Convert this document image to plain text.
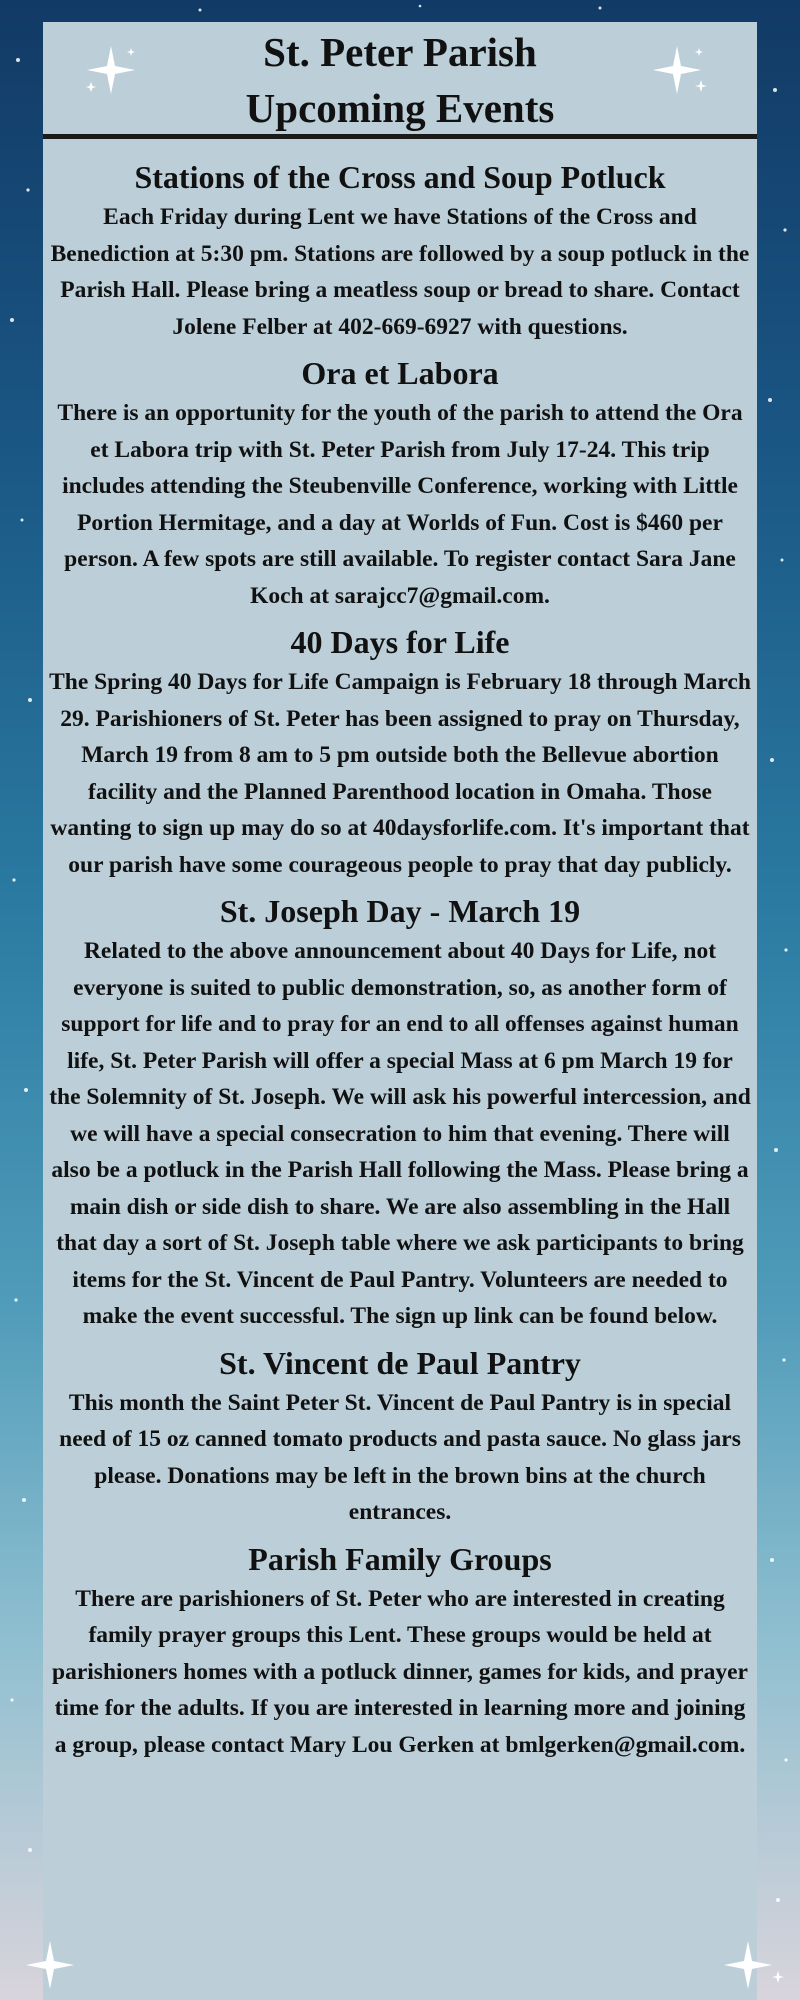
St. Peter Parish
Upcoming Events
Stations of the Cross and Soup Potluck

Each Friday during Lent we have Stations of the Cross and Benediction at 5:30 pm. Stations are followed by a soup potluck in the Parish Hall. Please bring a meatless soup or bread to share. Contact Jolene Felber at 402-669-6927 with questions.

Ora et Labora

There is an opportunity for the youth of the parish to attend the Ora et Labora trip with St. Peter Parish from July 17-24. This trip includes attending the Steubenville Conference, working with Little Portion Hermitage, and a day at Worlds of Fun. Cost is $460 per person. A few spots are still available. To register contact Sara Jane Koch at sarajcc7@gmail.com.

40 Days for Life

The Spring 40 Days for Life Campaign is February 18 through March 29. Parishioners of St. Peter has been assigned to pray on Thursday, March 19 from 8 am to 5 pm outside both the Bellevue abortion facility and the Planned Parenthood location in Omaha. Those wanting to sign up may do so at 40daysforlife.com. It's important that our parish have some courageous people to pray that day publicly.

St. Joseph Day - March 19

Related to the above announcement about 40 Days for Life, not everyone is suited to public demonstration, so, as another form of support for life and to pray for an end to all offenses against human life, St. Peter Parish will offer a special Mass at 6 pm March 19 for the Solemnity of St. Joseph. We will ask his powerful intercession, and we will have a special consecration to him that evening. There will also be a potluck in the Parish Hall following the Mass. Please bring a main dish or side dish to share. We are also assembling in the Hall that day a sort of St. Joseph table where we ask participants to bring items for the St. Vincent de Paul Pantry. Volunteers are needed to make the event successful. The sign up link can be found below.

St. Vincent de Paul Pantry

This month the Saint Peter St. Vincent de Paul Pantry is in special need of 15 oz canned tomato products and pasta sauce. No glass jars please. Donations may be left in the brown bins at the church entrances.

Parish Family Groups

There are parishioners of St. Peter who are interested in creating family prayer groups this Lent. These groups would be held at parishioners homes with a potluck dinner, games for kids, and prayer time for the adults. If you are interested in learning more and joining a group, please contact Mary Lou Gerken at bmlgerken@gmail.com.
